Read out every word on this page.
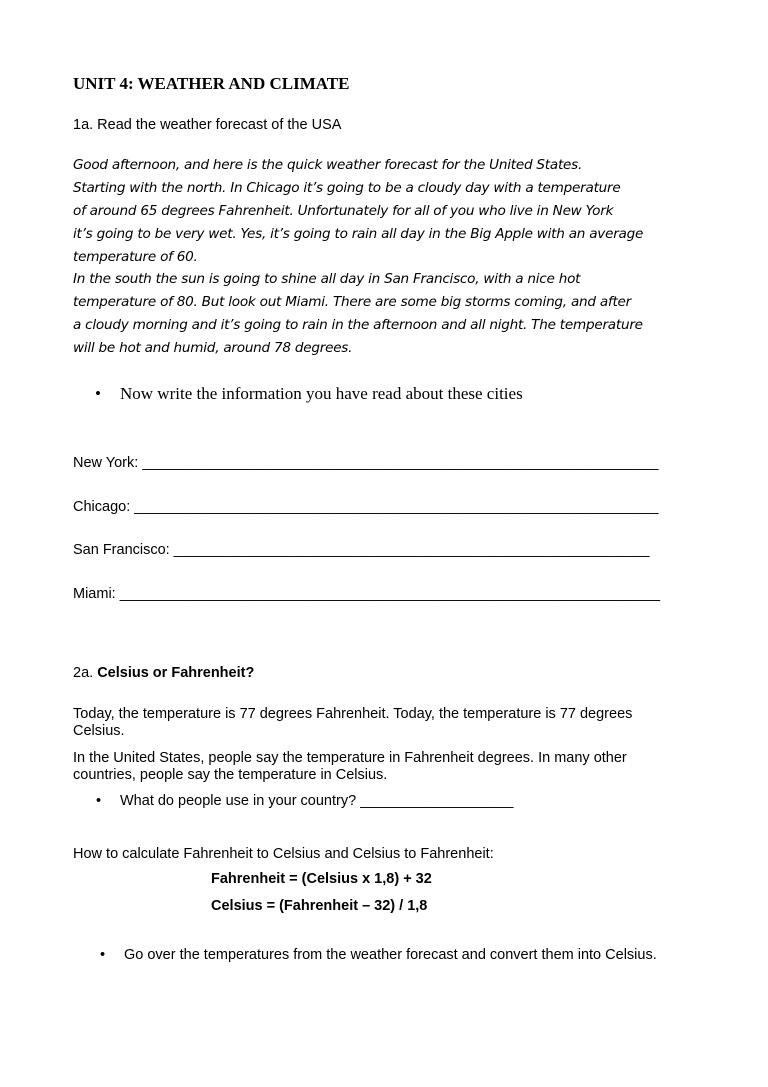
UNIT 4: WEATHER AND CLIMATE

1a. Read the weather forecast of the USA

Good afternoon, and here is the quick weather forecast for the United States.
Starting with the north. In Chicago it’s going to be a cloudy day with a temperature
of around 65 degrees Fahrenheit. Unfortunately for all of you who live in New York
it’s going to be very wet. Yes, it’s going to rain all day in the Big Apple with an average
temperature of 60.
In the south the sun is going to shine all day in San Francisco, with a nice hot
temperature of 80. But look out Miami. There are some big storms coming, and after
a cloudy morning and it’s going to rain in the afternoon and all night. The temperature
will be hot and humid, around 78 degrees.

• Now write the information you have read about these cities

New York: ________________________________________________________________

Chicago: _________________________________________________________________

San Francisco: ___________________________________________________________

Miami: ___________________________________________________________________

2a. Celsius or Fahrenheit?

Today, the temperature is 77 degrees Fahrenheit. Today, the temperature is 77 degrees

Celsius.

In the United States, people say the temperature in Fahrenheit degrees. In many other

countries, people say the temperature in Celsius.

• What do people use in your country? ___________________

How to calculate Fahrenheit to Celsius and Celsius to Fahrenheit:

Fahrenheit = (Celsius x 1,8) + 32

Celsius = (Fahrenheit – 32) / 1,8

• Go over the temperatures from the weather forecast and convert them into Celsius.
